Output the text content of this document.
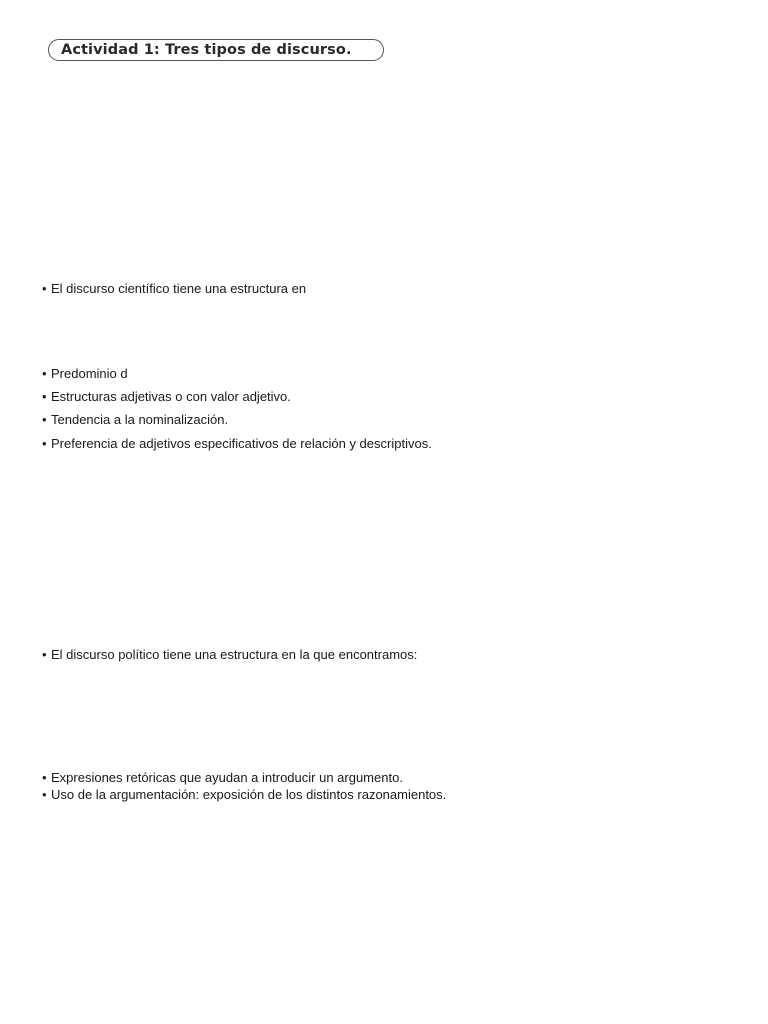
Actividad 1: Tres tipos de discurso.
• El discurso científico tiene una estructura en
• Predominio d
• Estructuras adjetivas o con valor adjetivo.
• Tendencia a la nominalización.
• Preferencia de adjetivos especificativos de relación y descriptivos.
• El discurso político tiene una estructura en la que encontramos:
• Expresiones retóricas que ayudan a introducir un argumento.
• Uso de la argumentación: exposición de los distintos razonamientos.
